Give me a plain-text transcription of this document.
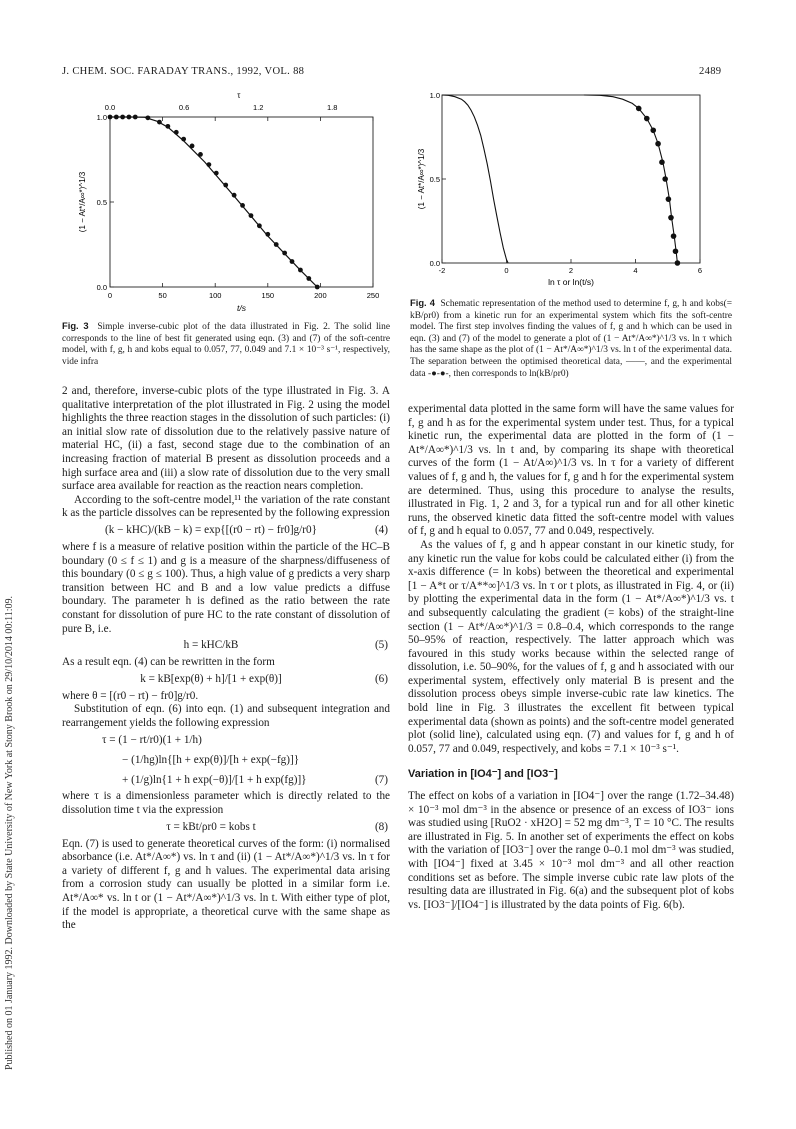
Published on 01 January 1992. Downloaded by State University of New York at Stony Brook on 29/10/2014 00:11:09.
J. CHEM. SOC. FARADAY TRANS., 1992, VOL. 88	2489
0	50	100	150	200	250
0.0	0.6	1.2	1.8
τ
0.0
0.5
1.0
t/s
(1 − At*/A∞*)^1/3
Fig. 3 Simple inverse-cubic plot of the data illustrated in Fig. 2. The solid line corresponds to the line of best fit generated using eqn. (3) and (7) of the soft-centre model, with f, g, h and kobs equal to 0.057, 77, 0.049 and 7.1 × 10⁻³ s⁻¹, respectively, vide infra
-2	0	2	4	6
0.0
0.5
1.0
ln τ or ln(t/s)
(1 − At*/A∞*)^1/3
Fig. 4 Schematic representation of the method used to determine f, g, h and kobs(= kB/ρr0) from a kinetic run for an experimental system which fits the soft-centre model. The first step involves finding the values of f, g and h which can be used in eqn. (3) and (7) of the model to generate a plot of (1 − At*/A∞*)^1/3 vs. ln τ which has the same shape as the plot of (1 − At*/A∞*)^1/3 vs. ln t of the experimental data. The separation between the optimised theoretical data, ——, and the experimental data -●-●-, then corresponds to ln(kB/ρr0)

2 and, therefore, inverse-cubic plots of the type illustrated in Fig. 3. A qualitative interpretation of the plot illustrated in Fig. 2 using the model highlights the three reaction stages in the dissolution of such particles: (i) an initial slow rate of dissolution due to the relatively passive nature of material HC, (ii) a fast, second stage due to the combination of an increasing fraction of material B present as dissolution proceeds and a high surface area and (iii) a slow rate of dissolution due to the very small surface area available for reaction as the reaction nears completion.

According to the soft-centre model,¹¹ the variation of the rate constant k as the particle dissolves can be represented by the following expression

(k − kHC)/(kB − k) = exp{[(r0 − rt) − fr0]g/r0}	(4)

where f is a measure of relative position within the particle of the HC–B boundary (0 ≤ f ≤ 1) and g is a measure of the sharpness/diffuseness of this boundary (0 ≤ g ≤ 100). Thus, a high value of g predicts a very sharp transition between HC and B and a low value predicts a diffuse boundary. The parameter h is defined as the ratio between the rate constant for dissolution of pure HC to the rate constant of dissolution of pure B, i.e.

h = kHC/kB	(5)

As a result eqn. (4) can be rewritten in the form

k = kB[exp(θ) + h]/[1 + exp(θ)]	(6)

where θ = [(r0 − rt) − fr0]g/r0.

Substitution of eqn. (6) into eqn. (1) and subsequent integration and rearrangement yields the following expression

τ = (1 − rt/r0)(1 + 1/h)
− (1/hg)ln{[h + exp(θ)]/[h + exp(−fg)]}
+ (1/g)ln{1 + h exp(−θ)]/[1 + h exp(fg)]}	(7)

where τ is a dimensionless parameter which is directly related to the dissolution time t via the expression

τ = kBt/ρr0 = kobs t	(8)

Eqn. (7) is used to generate theoretical curves of the form: (i) normalised absorbance (i.e. At*/A∞*) vs. ln τ and (ii) (1 − At*/A∞*)^1/3 vs. ln τ for a variety of different f, g and h values. The experimental data arising from a corrosion study can usually be plotted in a similar form i.e. At*/A∞* vs. ln t or (1 − At*/A∞*)^1/3 vs. ln t. With either type of plot, if the model is appropriate, a theoretical curve with the same shape as the

experimental data plotted in the same form will have the same values for f, g and h as for the experimental system under test. Thus, for a typical kinetic run, the experimental data are plotted in the form of (1 − At*/A∞*)^1/3 vs. ln t and, by comparing its shape with theoretical curves of the form (1 − At/A∞)^1/3 vs. ln τ for a variety of different values of f, g and h, the values for f, g and h for the experimental system are determined. Thus, using this procedure to analyse the results, illustrated in Fig. 1, 2 and 3, for a typical run and for all other kinetic runs, the observed kinetic data fitted the soft-centre model with values of f, g and h equal to 0.057, 77 and 0.049, respectively.

As the values of f, g and h appear constant in our kinetic study, for any kinetic run the value for kobs could be calculated either (i) from the x-axis difference (= ln kobs) between the theoretical and experimental [1 − A*t or τ/A**∞]^1/3 vs. ln τ or t plots, as illustrated in Fig. 4, or (ii) by plotting the experimental data in the form (1 − At*/A∞*)^1/3 vs. t and subsequently calculating the gradient (= kobs) of the straight-line section (1 − At*/A∞*)^1/3 = 0.8–0.4, which corresponds to the range 50–95% of reaction, respectively. The latter approach which was favoured in this study works because within the selected range of dissolution, i.e. 50–90%, for the values of f, g and h associated with our experimental system, effectively only material B is present and the dissolution process obeys simple inverse-cubic rate law kinetics. The bold line in Fig. 3 illustrates the excellent fit between typical experimental data (shown as points) and the soft-centre model generated plot (solid line), calculated using eqn. (7) and values for f, g and h of 0.057, 77 and 0.049, respectively, and kobs = 7.1 × 10⁻³ s⁻¹.

Variation in [IO4⁻] and [IO3⁻]

The effect on kobs of a variation in [IO4⁻] over the range (1.72–34.48) × 10⁻³ mol dm⁻³ in the absence or presence of an excess of IO3⁻ ions was studied using [RuO2 · xH2O] = 52 mg dm⁻³, T = 10 °C. The results are illustrated in Fig. 5. In another set of experiments the effect on kobs with the variation of [IO3⁻] over the range 0–0.1 mol dm⁻³ was studied, with [IO4⁻] fixed at 3.45 × 10⁻³ mol dm⁻³ and all other reaction conditions set as before. The simple inverse cubic rate law plots of the resulting data are illustrated in Fig. 6(a) and the subsequent plot of kobs vs. [IO3⁻]/[IO4⁻] is illustrated by the data points of Fig. 6(b).
